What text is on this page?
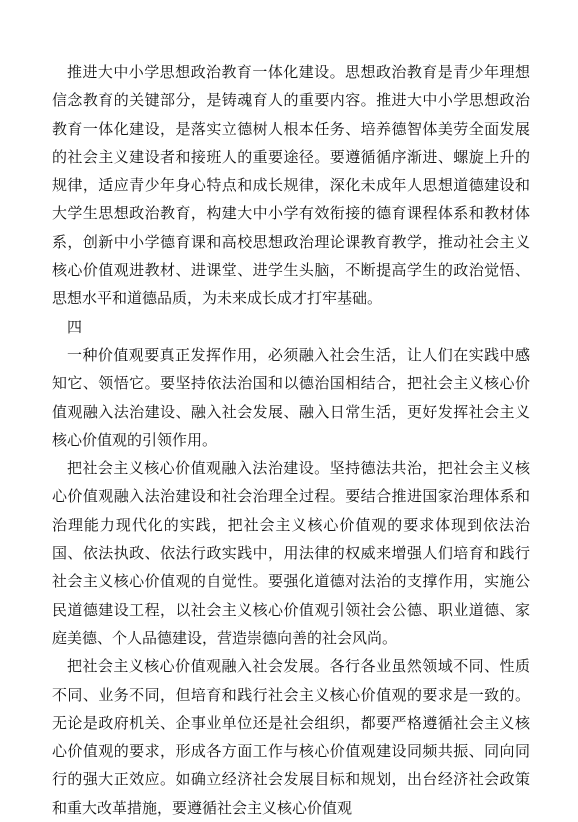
推进大中小学思想政治教育一体化建设。思想政治教育是青少年理想信念教育的关键部分，是铸魂育人的重要内容。推进大中小学思想政治教育一体化建设，是落实立德树人根本任务、培养德智体美劳全面发展的社会主义建设者和接班人的重要途径。要遵循循序渐进、螺旋上升的规律，适应青少年身心特点和成长规律，深化未成年人思想道德建设和大学生思想政治教育，构建大中小学有效衔接的德育课程体系和教材体系，创新中小学德育课和高校思想政治理论课教育教学，推动社会主义核心价值观进教材、进课堂、进学生头脑，不断提高学生的政治觉悟、思想水平和道德品质，为未来成长成才打牢基础。

四

一种价值观要真正发挥作用，必须融入社会生活，让人们在实践中感知它、领悟它。要坚持依法治国和以德治国相结合，把社会主义核心价值观融入法治建设、融入社会发展、融入日常生活，更好发挥社会主义核心价值观的引领作用。

把社会主义核心价值观融入法治建设。坚持德法共治，把社会主义核心价值观融入法治建设和社会治理全过程。要结合推进国家治理体系和治理能力现代化的实践，把社会主义核心价值观的要求体现到依法治国、依法执政、依法行政实践中，用法律的权威来增强人们培育和践行社会主义核心价值观的自觉性。要强化道德对法治的支撑作用，实施公民道德建设工程，以社会主义核心价值观引领社会公德、职业道德、家庭美德、个人品德建设，营造崇德向善的社会风尚。

把社会主义核心价值观融入社会发展。各行各业虽然领域不同、性质不同、业务不同，但培育和践行社会主义核心价值观的要求是一致的。无论是政府机关、企事业单位还是社会组织，都要严格遵循社会主义核心价值观的要求，形成各方面工作与核心价值观建设同频共振、同向同行的强大正效应。如确立经济社会发展目标和规划，出台经济社会政策和重大改革措施，要遵循社会主义核心价值观
